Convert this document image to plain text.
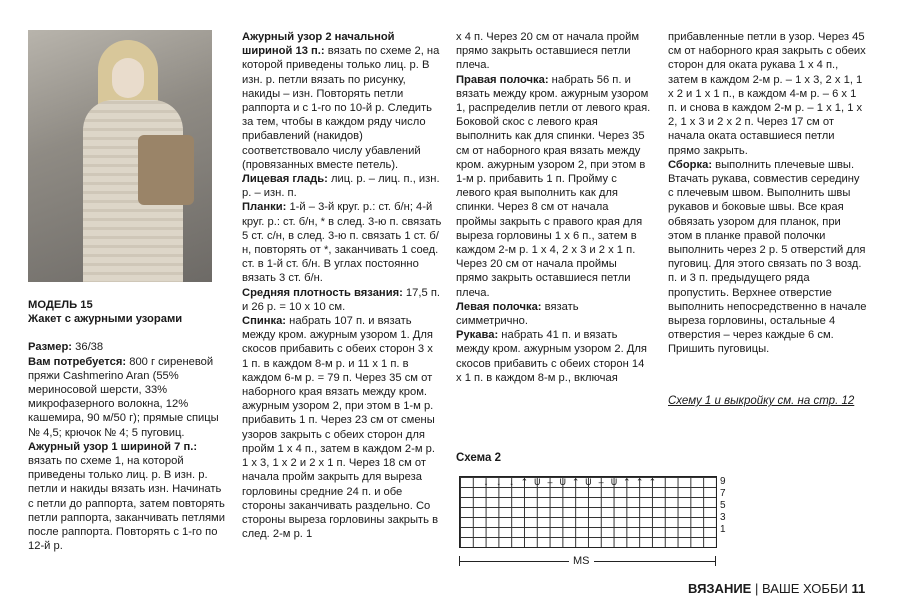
МОДЕЛЬ 15

Жакет с ажурными узорами

Размер: 36/38

Вам потребуется: 800 г сиреневой пряжи Cashmerino Aran (55% мериносовой шерсти, 33% микрофазерного волокна, 12% кашемира, 90 м/50 г); прямые спицы № 4,5; крючок № 4; 5 пуговиц.

Ажурный узор 1 шириной 7 п.: вязать по схеме 1, на которой приведены только лиц. р. В изн. р. петли и накиды вязать изн. Начинать с петли до раппорта, затем повторять петли раппорта, заканчивать петлями после раппорта. Повторять с 1-го по 12-й р.

Ажурный узор 2 начальной шириной 13 п.: вязать по схеме 2, на которой приведены только лиц. р. В изн. р. петли вязать по рисунку, накиды – изн. Повторять петли раппорта и с 1-го по 10-й р. Следить за тем, чтобы в каждом ряду число прибавлений (накидов) соответствовало числу убавлений (провязанных вместе петель).

Лицевая гладь: лиц. р. – лиц. п., изн. р. – изн. п.

Планки: 1-й – 3-й круг. р.: ст. б/н; 4-й круг. р.: ст. б/н, * в след. 3-ю п. связать 5 ст. с/н, в след. 3-ю п. связать 1 ст. б/н, повторять от *, заканчивать 1 соед. ст. в 1-й ст. б/н. В углах постоянно вязать 3 ст. б/н.

Средняя плотность вязания: 17,5 п. и 26 р. = 10 х 10 см.

Спинка: набрать 107 п. и вязать между кром. ажурным узором 1. Для скосов прибавить с обеих сторон 3 х 1 п. в каждом 8-м р. и 11 х 1 п. в каждом 6-м р. = 79 п. Через 35 см от наборного края вязать между кром. ажурным узором 2, при этом в 1-м р. прибавить 1 п. Через 23 см от смены узоров закрыть с обеих сторон для пройм 1 х 4 п., затем в каждом 2-м р. 1 х 3, 1 х 2 и 2 х 1 п. Через 18 см от начала пройм закрыть для выреза горловины средние 24 п. и обе стороны заканчивать раздельно. Со стороны выреза горловины закрыть в след. 2-м р. 1

х 4 п. Через 20 см от начала пройм прямо закрыть оставшиеся петли плеча.

Правая полочка: набрать 56 п. и вязать между кром. ажурным узором 1, распределив петли от левого края. Боковой скос с левого края выполнить как для спинки. Через 35 см от наборного края вязать между кром. ажурным узором 2, при этом в 1-м р. прибавить 1 п. Пройму с левого края выполнить как для спинки. Через 8 см от начала проймы закрыть с правого края для выреза горловины 1 х 6 п., затем в каждом 2-м р. 1 х 4, 2 х 3 и 2 х 1 п. Через 20 см от начала проймы прямо закрыть оставшиеся петли плеча.

Левая полочка: вязать симметрично.

Рукава: набрать 41 п. и вязать между кром. ажурным узором 2. Для скосов прибавить с обеих сторон 14 х 1 п. в каждом 8-м р., включая

прибавленные петли в узор. Через 45 см от наборного края закрыть с обеих сторон для оката рукава 1 х 4 п., затем в каждом 2-м р. – 1 х 3, 2 х 1, 1 х 2 и 1 х 1 п., в каждом 4-м р. – 6 х 1 п. и снова в каждом 2-м р. – 1 х 1, 1 х 2, 1 х 3 и 2 х 2 п. Через 17 см от начала оката оставшиеся петли прямо закрыть.

Сборка: выполнить плечевые швы. Втачать рукава, совместив середину с плечевым швом. Выполнить швы рукавов и боковые швы. Все края обвязать узором для планок, при этом в планке правой полочки выполнить через 2 р. 5 отверстий для пуговиц. Для этого связать по 3 возд. п. и 3 п. предыдущего ряда пропустить. Верхнее отверстие выполнить непосредственно в начале выреза горловины, остальные 4 отверстия – через каждые 6 см. Пришить пуговицы.

Схему 1 и выкройку см. на стр. 12
Схема 2
↓ ↓ ↓ ⌃ U – U ⌃ U – U ⌃ ⌃ ⌃	9
7
5
3
1
MS
ВЯЗАНИЕ | ВАШЕ ХОББИ 11
